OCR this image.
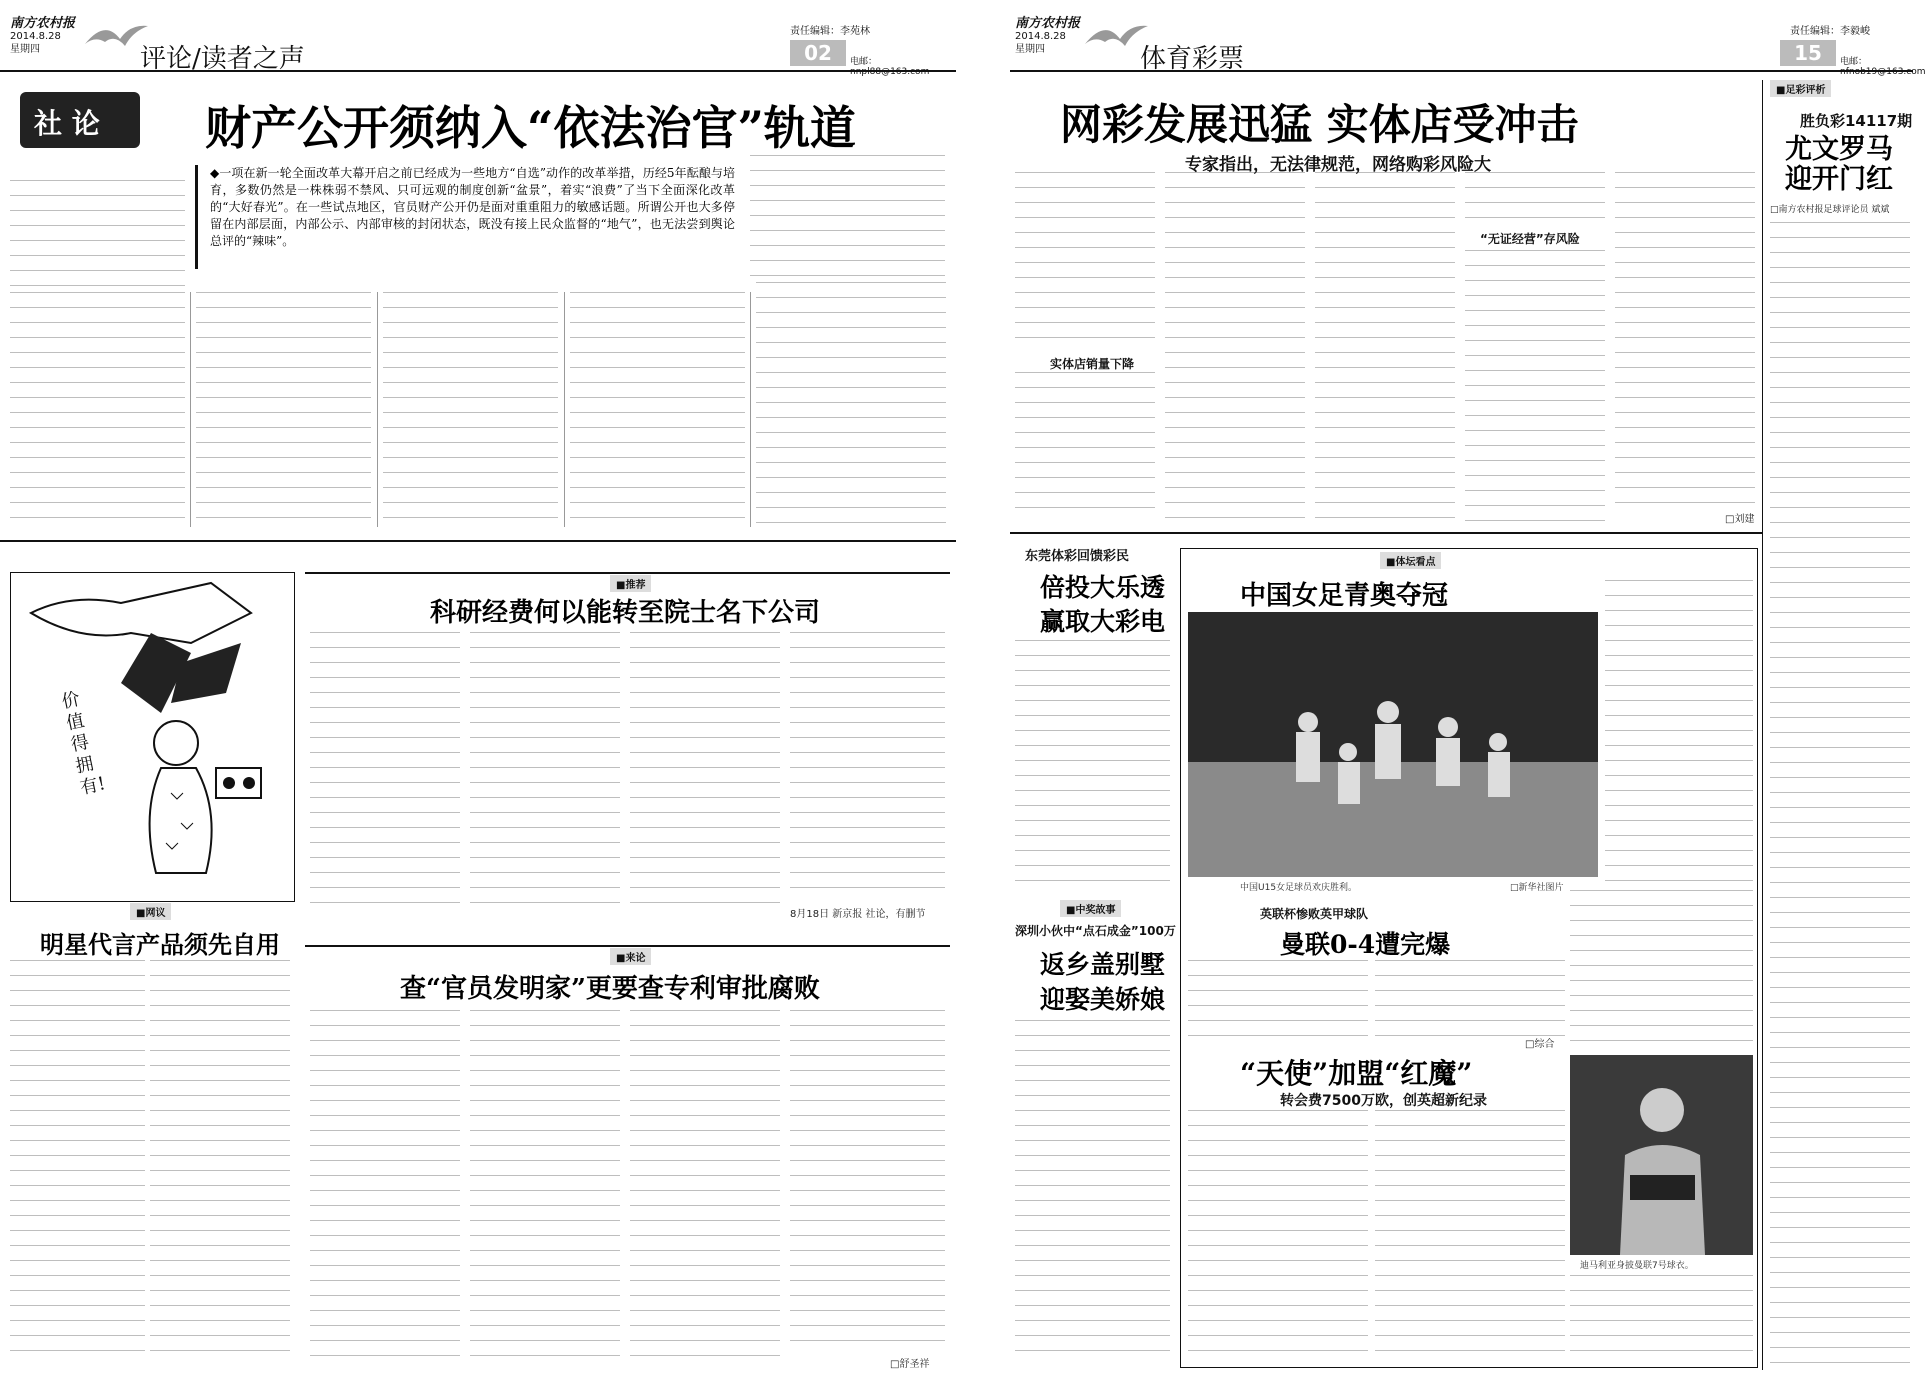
南方农村报
2014.8.28
星期四	评论/读者之声
责任编辑：李苑林
02	电邮：nnpl88@163.com
社 论 财产公开须纳入“依法治官”轨道
◆一项在新一轮全面改革大幕开启之前已经成为一些地方“自选”动作的改革举措，历经5年酝酿与培育，多数仍然是一株株弱不禁风、只可远观的制度创新“盆景”，着实“浪费”了当下全面深化改革的“大好春光”。在一些试点地区，官员财产公开仍是面对重重阻力的敏感话题。所谓公开也大多停留在内部层面，内部公示、内部审核的封闭状态，既没有接上民众监督的“地气”，也无法尝到舆论总评的“辣味”。
价值得拥有!
■网议
明星代言产品须先自用
■推荐
科研经费何以能转至院士名下公司
8月18日 新京报 社论，有删节
■来论
查“官员发明家”更要查专利审批腐败
□舒圣祥
南方农村报
2014.8.28
星期四	体育彩票
责任编辑：李毅峻
15	电邮：nfnob19@163.com
网彩发展迅猛 实体店受冲击
专家指出，无法律规范，网络购彩风险大
实体店销量下降
“无证经营”存风险
□刘建
■足彩评析
胜负彩14117期
尤文罗马迎开门红
□南方农村报足球评论员 斌斌
东莞体彩回馈彩民
倍投大乐透
赢取大彩电
■中奖故事
深圳小伙中“点石成金”100万
返乡盖别墅
迎娶美娇娘
■体坛看点
中国女足青奥夺冠
中国U15女足球员欢庆胜利。	□新华社图片
英联杯惨败英甲球队
曼联0-4遭完爆
□综合
“天使”加盟“红魔”
转会费7500万欧，创英超新纪录
迪马利亚身披曼联7号球衣。
